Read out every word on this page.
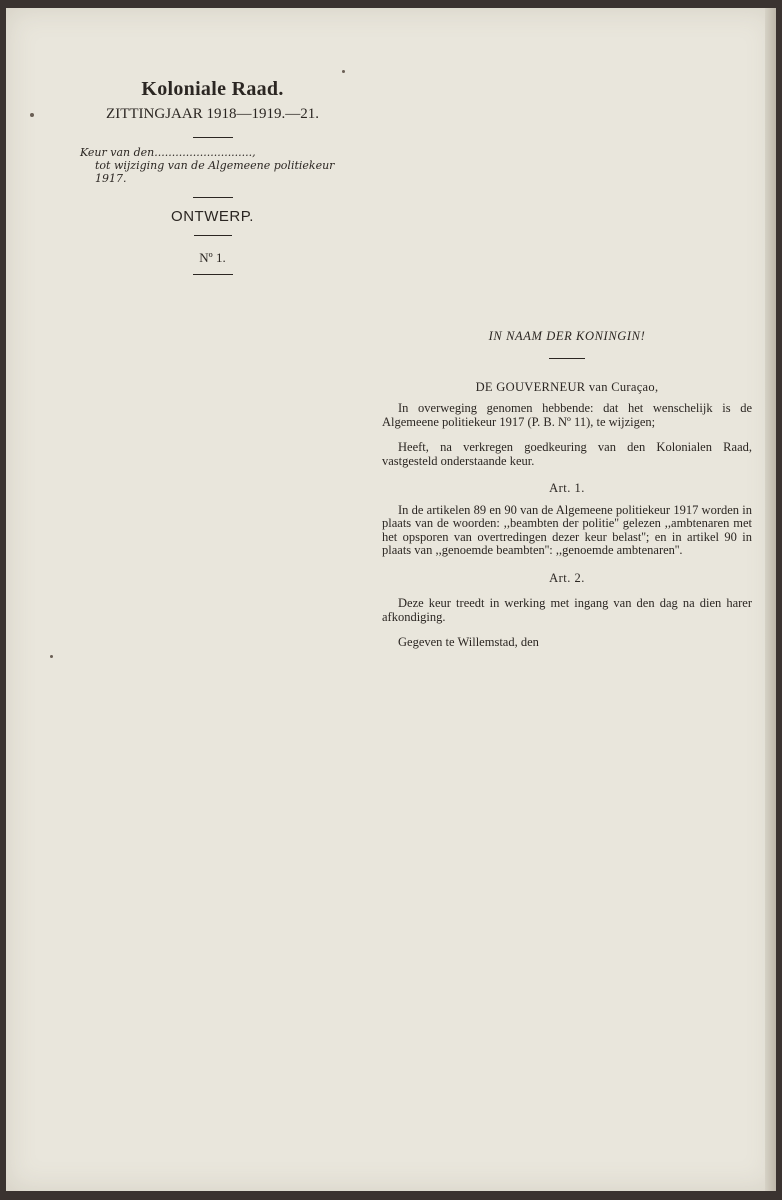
Koloniale Raad.
ZITTINGJAAR 1918—1919.—21.
Keur van den............................,
tot wijziging van de Algemeene politiekeur
1917.
ONTWERP.
Nº 1.
IN NAAM DER KONINGIN!
DE GOUVERNEUR van Curaçao,
In overweging genomen hebbende: dat het wenschelijk is de Algemeene politiekeur 1917 (P. B. Nº 11), te wijzigen;
Heeft, na verkregen goedkeuring van den Kolonialen Raad, vastgesteld onderstaande keur.
Art. 1.
In de artikelen 89 en 90 van de Algemeene politiekeur 1917 worden in plaats van de woorden: ,,beambten der politie'' gelezen ,,ambtenaren met het opsporen van overtredingen dezer keur belast''; en in artikel 90 in plaats van ,,genoemde beambten'': ,,genoemde ambtenaren''.
Art. 2.
Deze keur treedt in werking met ingang van den dag na dien harer afkondiging.
Gegeven te Willemstad, den
